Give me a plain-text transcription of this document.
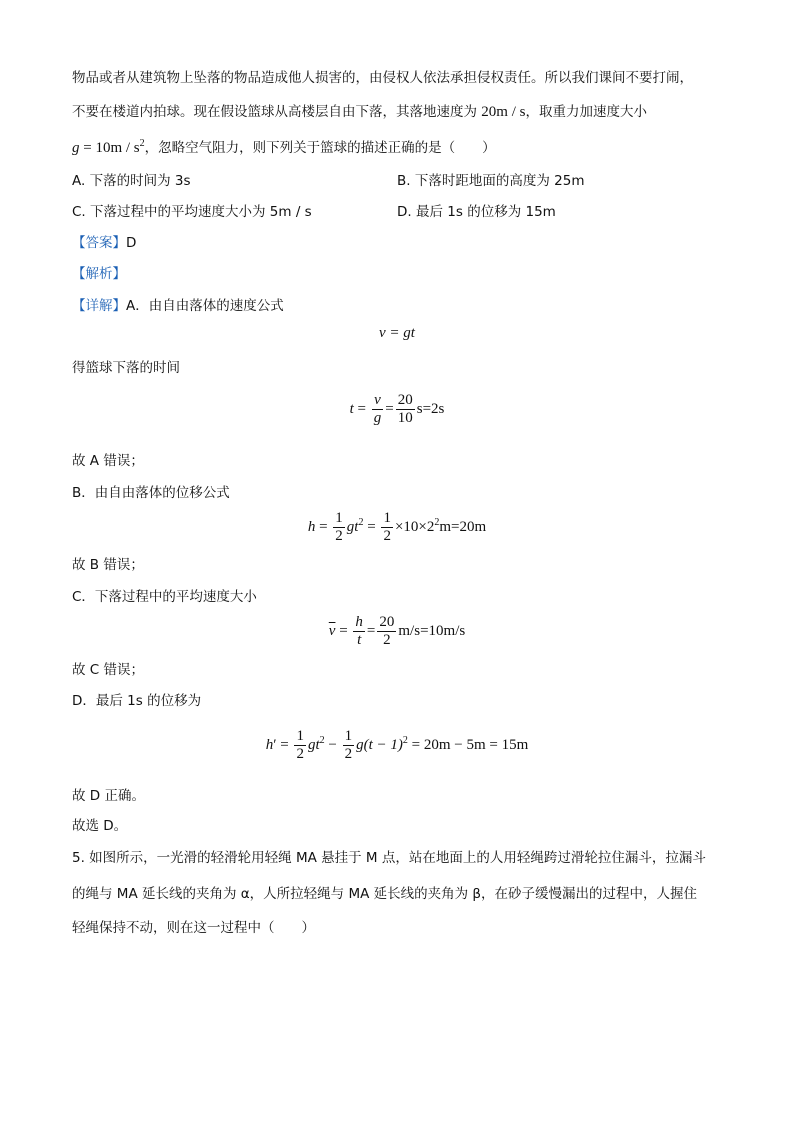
物品或者从建筑物上坠落的物品造成他人损害的，由侵权人依法承担侵权责任。所以我们课间不要打闹，
不要在楼道内拍球。现在假设篮球从高楼层自由下落，其落地速度为 20m / s，取重力加速度大小
$g = 10m / s^2$，忽略空气阻力，则下列关于篮球的描述正确的是（　　）
A. 下落的时间为 3s	B. 下落时距地面的高度为 25m
C. 下落过程中的平均速度大小为 5m / s	D. 最后 1s 的位移为 15m
【答案】D
【解析】
【详解】A．由自由落体的速度公式
v = gt
得篮球下落的时间
$t = \frac{v}{g} = \frac{20}{10} s=2s$
故 A 错误；
B．由自由落体的位移公式
$h = \frac{1}{2} gt^2 = \frac{1}{2} \times 10\times 2^2m=20m$
故 B 错误；
C．下落过程中的平均速度大小
$\overline{v} = \frac{h}{t} = \frac{20}{2} m/s=10m/s$
故 C 错误；
D．最后 1s 的位移为
$h' = \frac{1}{2} gt^2 - \frac{1}{2} g(t - 1)^2 = 20m - 5m = 15m$
故 D 正确。
故选 D。
5. 如图所示，一光滑的轻滑轮用轻绳 MA 悬挂于 M 点，站在地面上的人用轻绳跨过滑轮拉住漏斗，拉漏斗
的绳与 MA 延长线的夹角为 α，人所拉轻绳与 MA 延长线的夹角为 β，在砂子缓慢漏出的过程中，人握住
轻绳保持不动，则在这一过程中（　　）
